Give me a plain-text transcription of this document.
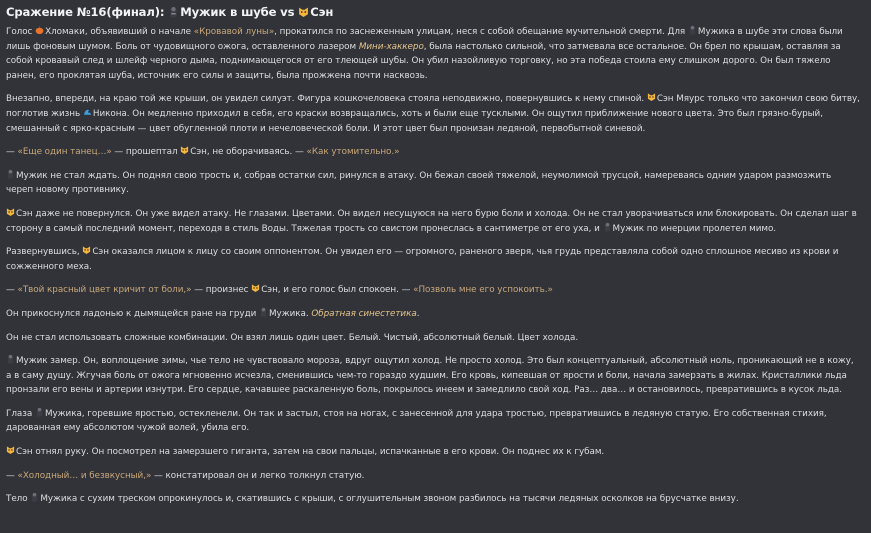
Сражение №16(финал):
Мужик в шубе vs
Сэн

Голос
Хломаки, объявивший о начале «Кровавой луны», прокатился по заснеженным улицам, неся с собой обещание мучительной смерти. Для
Мужика в шубе эти слова были лишь фоновым шумом. Боль от чудовищного ожога, оставленного лазером Мини-хаккеро, была настолько сильной, что затмевала все остальное. Он брел по крышам, оставляя за собой кровавый след и шлейф черного дыма, поднимающегося от его тлеющей шубы. Он убил назойливую торговку, но эта победа стоила ему слишком дорого. Он был тяжело ранен, его проклятая шуба, источник его силы и защиты, была прожжена почти насквозь.

Внезапно, впереди, на краю той же крыши, он увидел силуэт. Фигура кошкочеловека стояла неподвижно, повернувшись к нему спиной.
Сэн Мяурс только что закончил свою битву, поглотив жизнь
Никона. Он медленно приходил в себя, его краски возвращались, хоть и были еще тусклыми. Он ощутил приближение нового цвета. Это был грязно-бурый, смешанный с ярко-красным — цвет обугленной плоти и нечеловеческой боли. И этот цвет был пронизан ледяной, первобытной синевой.

— «Еще один танец…» — прошептал
Сэн, не оборачиваясь. — «Как утомительно.»

Мужик не стал ждать. Он поднял свою трость и, собрав остатки сил, ринулся в атаку. Он бежал своей тяжелой, неумолимой трусцой, намереваясь одним ударом размозжить череп новому противнику.

Сэн даже не повернулся. Он уже видел атаку. Не глазами. Цветами. Он видел несущуюся на него бурю боли и холода. Он не стал уворачиваться или блокировать. Он сделал шаг в сторону в самый последний момент, переходя в стиль Воды. Тяжелая трость со свистом пронеслась в сантиметре от его уха, и
Мужик по инерции пролетел мимо.

Развернувшись,
Сэн оказался лицом к лицу со своим оппонентом. Он увидел его — огромного, раненого зверя, чья грудь представляла собой одно сплошное месиво из крови и сожженного меха.

— «Твой красный цвет кричит от боли,» — произнес
Сэн, и его голос был спокоен. — «Позволь мне его успокоить.»

Он прикоснулся ладонью к дымящейся ране на груди
Мужика. Обратная синестетика.

Он не стал использовать сложные комбинации. Он взял лишь один цвет. Белый. Чистый, абсолютный белый. Цвет холода.

Мужик замер. Он, воплощение зимы, чье тело не чувствовало мороза, вдруг ощутил холод. Не просто холод. Это был концептуальный, абсолютный ноль, проникающий не в кожу, а в саму душу. Жгучая боль от ожога мгновенно исчезла, сменившись чем-то гораздо худшим. Его кровь, кипевшая от ярости и боли, начала замерзать в жилах. Кристаллики льда пронзали его вены и артерии изнутри. Его сердце, качавшее раскаленную боль, покрылось инеем и замедлило свой ход. Раз… два… и остановилось, превратившись в кусок льда.

Глаза
Мужика, горевшие яростью, остекленели. Он так и застыл, стоя на ногах, с занесенной для удара тростью, превратившись в ледяную статую. Его собственная стихия, дарованная ему абсолютом чужой волей, убила его.

Сэн отнял руку. Он посмотрел на замерзшего гиганта, затем на свои пальцы, испачканные в его крови. Он поднес их к губам.

— «Холодный… и безвкусный,» — констатировал он и легко толкнул статую.

Тело
Мужика с сухим треском опрокинулось и, скатившись с крыши, с оглушительным звоном разбилось на тысячи ледяных осколков на брусчатке внизу.
